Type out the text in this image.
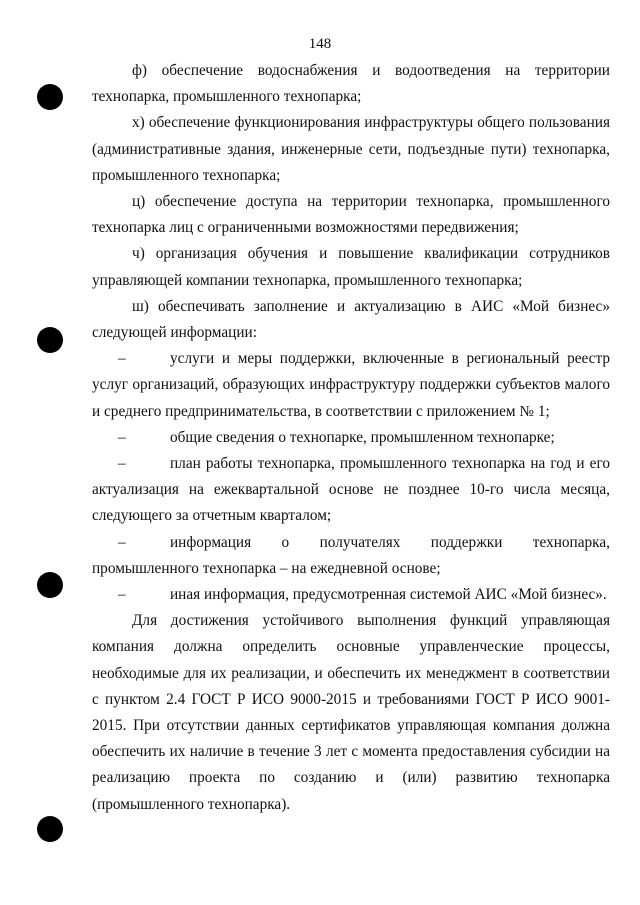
148

ф) обеспечение водоснабжения и водоотведения на территории технопарка, промышленного технопарка;

х) обеспечение функционирования инфраструктуры общего пользования (административные здания, инженерные сети, подъездные пути) технопарка, промышленного технопарка;

ц) обеспечение доступа на территории технопарка, промышленного технопарка лиц с ограниченными возможностями передвижения;

ч) организация обучения и повышение квалификации сотрудников управляющей компании технопарка, промышленного технопарка;

ш) обеспечивать заполнение и актуализацию в АИС «Мой бизнес» следующей информации:

–	услуги и меры поддержки, включенные в региональный реестр услуг организаций, образующих инфраструктуру поддержки субъектов малого и среднего предпринимательства, в соответствии с приложением № 1;

–	общие сведения о технопарке, промышленном технопарке;

–	план работы технопарка, промышленного технопарка на год и его актуализация на ежеквартальной основе не позднее 10-го числа месяца, следующего за отчетным кварталом;

–	информация о получателях поддержки технопарка, промышленного технопарка – на ежедневной основе;

–	иная информация, предусмотренная системой АИС «Мой бизнес».

Для достижения устойчивого выполнения функций управляющая компания должна определить основные управленческие процессы, необходимые для их реализации, и обеспечить их менеджмент в соответствии с пунктом 2.4 ГОСТ Р ИСО 9000-2015 и требованиями ГОСТ Р ИСО 9001-2015. При отсутствии данных сертификатов управляющая компания должна обеспечить их наличие в течение 3 лет с момента предоставления субсидии на реализацию проекта по созданию и (или) развитию технопарка (промышленного технопарка).
